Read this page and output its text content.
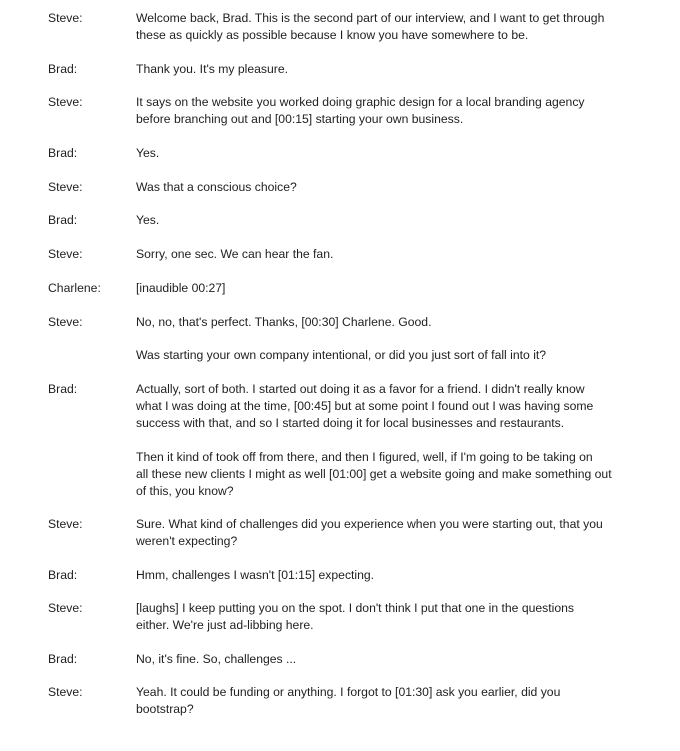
Steve:	Welcome back, Brad. This is the second part of our interview, and I want to get through
these as quickly as possible because I know you have somewhere to be.
Brad:	Thank you. It's my pleasure.
Steve:	It says on the website you worked doing graphic design for a local branding agency
before branching out and [00:15] starting your own business.
Brad:	Yes.
Steve:	Was that a conscious choice?
Brad:	Yes.
Steve:	Sorry, one sec. We can hear the fan.
Charlene:	[inaudible 00:27]
Steve:	No, no, that's perfect. Thanks, [00:30] Charlene. Good.
Was starting your own company intentional, or did you just sort of fall into it?
Brad:	Actually, sort of both. I started out doing it as a favor for a friend. I didn't really know
what I was doing at the time, [00:45] but at some point I found out I was having some
success with that, and so I started doing it for local businesses and restaurants.
Then it kind of took off from there, and then I figured, well, if I'm going to be taking on
all these new clients I might as well [01:00] get a website going and make something out
of this, you know?
Steve:	Sure. What kind of challenges did you experience when you were starting out, that you
weren't expecting?
Brad:	Hmm, challenges I wasn't [01:15] expecting.
Steve:	[laughs] I keep putting you on the spot. I don't think I put that one in the questions
either. We're just ad-libbing here.
Brad:	No, it's fine. So, challenges ...
Steve:	Yeah. It could be funding or anything. I forgot to [01:30] ask you earlier, did you
bootstrap?
